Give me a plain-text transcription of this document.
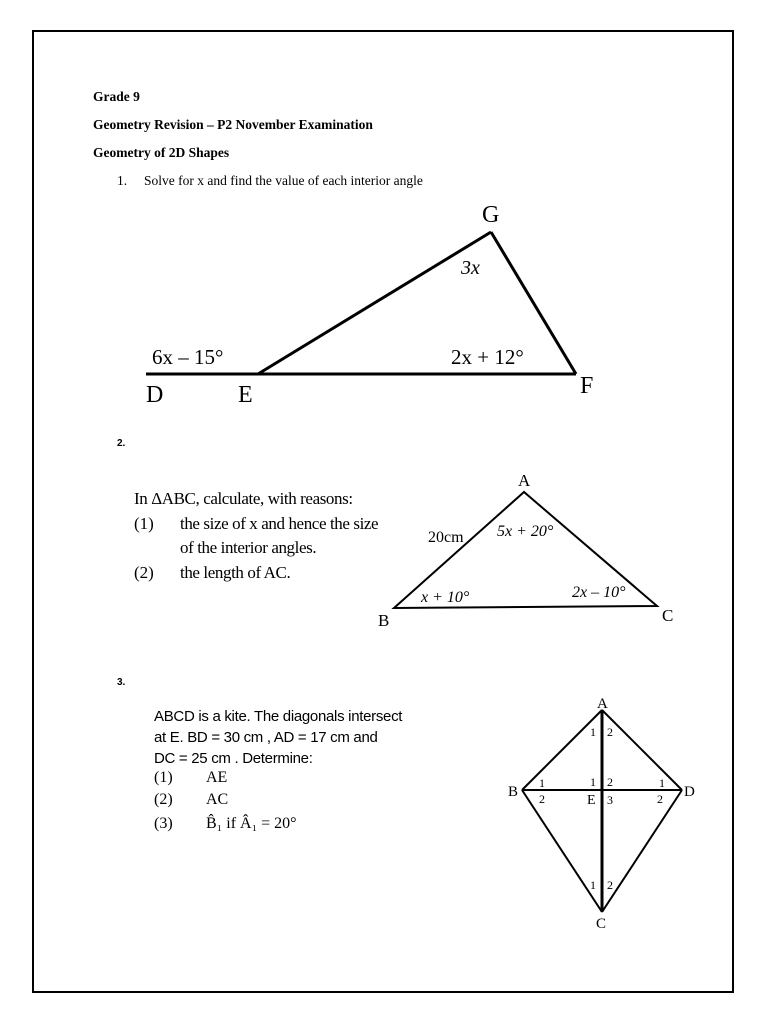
Grade 9
Geometry Revision – P2 November Examination
Geometry of 2D Shapes
1. Solve for x and find the value of each interior angle
2.
In ΔABC, calculate, with reasons:
(1) the size of x and hence the size
of the interior angles.
(2) the length of AC.
3.
ABCD is a kite. The diagonals intersect
at E. BD = 30 cm , AD = 17 cm and
DC = 25 cm . Determine:
(1) AE
(2) AC
(3) B̂₁ if Â₁ = 20°
G
D	E	F
3x
6x – 15°	2x + 12°
A
B	C
20cm 5x + 20°
x + 10°	2x – 10°
A
B	D
C
E
1 2
1
2
1 2
3
1
2
1 2
